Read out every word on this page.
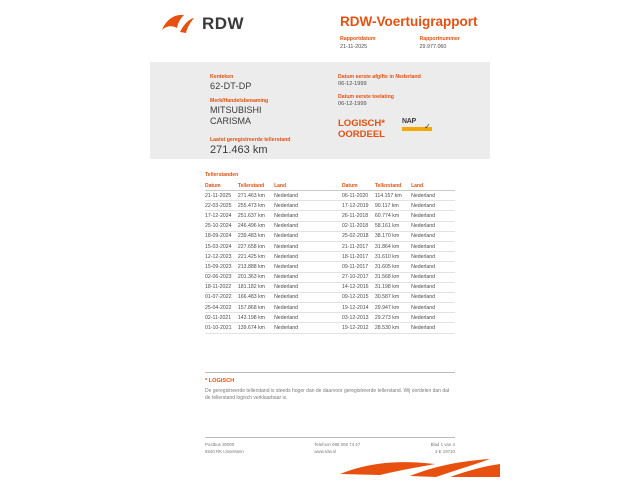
RDW	RDW-Voertuigrapport
Rapportdatum
21-11-2025
Rapportnummer
29.977.060
Kenteken
62-DT-DP
Merk/Handelsbenaming
MITSUBISHI
CARISMA
Laatst geregistreerde tellerstand
271.463 km
Datum eerste afgifte in Nederland
06-12-1999
Datum eerste toelating
06-12-1999
LOGISCH*
OORDEEL
NAP
✓
Tellerstanden
Datum	Tellerstand	Land		Datum	Tellerstand	Land
21-11-2025	271.463 km	Nederland		06-11-2020	114.157 km	Nederland
22-03-2025	255.473 km	Nederland		17-12-2019	90.117 km	Nederland
17-12-2024	251.637 km	Nederland		26-11-2018	60.774 km	Nederland
25-10-2024	246.496 km	Nederland		02-11-2018	58.161 km	Nederland
18-09-2024	239.483 km	Nederland		25-02-2018	38.170 km	Nederland
15-03-2024	227.658 km	Nederland		21-11-2017	31.864 km	Nederland
12-12-2023	221.425 km	Nederland		18-11-2017	31.610 km	Nederland
15-09-2023	213.888 km	Nederland		09-11-2017	31.605 km	Nederland
02-06-2023	201.363 km	Nederland		27-10-2017	31.568 km	Nederland
18-11-2022	181.182 km	Nederland		14-12-2016	31.198 km	Nederland
01-07-2022	166.483 km	Nederland		09-12-2015	30.587 km	Nederland
25-04-2022	157.868 km	Nederland		19-12-2014	29.947 km	Nederland
02-11-2021	143.198 km	Nederland		03-12-2013	29.273 km	Nederland
01-10-2021	139.674 km	Nederland		19-12-2012	28.530 km	Nederland
* LOGISCH
De geregistreerde tellerstand is steeds hoger dan de daarvoor geregistreerde tellerstand. Wij oordelen dan dat de tellerstand logisch verklaarbaar is.
Postbus 30000
8540 RK IJsselstein
Telefoon 088 008 74 47
www.rdw.nl
Blad 1 van 4
3 E 19710
